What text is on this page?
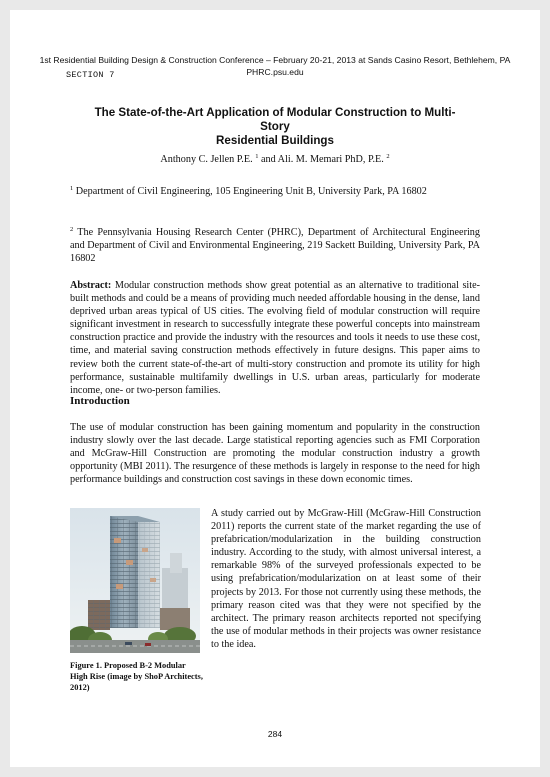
1st Residential Building Design & Construction Conference – February 20-21, 2013 at Sands Casino Resort, Bethlehem, PA
PHRC.psu.edu
SECTION 7
The State-of-the-Art Application of Modular Construction to Multi-Story
Residential Buildings
Anthony C. Jellen P.E. $^1$ and Ali. M. Memari PhD, P.E. $^2$
$^1$ Department of Civil Engineering, 105 Engineering Unit B, University Park, PA 16802
$^2$ The Pennsylvania Housing Research Center (PHRC), Department of Architectural Engineering and Department of Civil and Environmental Engineering, 219 Sackett Building, University Park, PA 16802
Abstract: Modular construction methods show great potential as an alternative to traditional site-built methods and could be a means of providing much needed affordable housing in the dense, land deprived urban areas typical of US cities. The evolving field of modular construction will require significant investment in research to successfully integrate these powerful concepts into mainstream construction practice and provide the industry with the resources and tools it needs to use these cost, time, and material saving construction methods effectively in future designs. This paper aims to review both the current state-of-the-art of multi-story construction and promote its utility for high performance, sustainable multifamily dwellings in U.S. urban areas, particularly for moderate income, one- or two-person families.
Introduction
The use of modular construction has been gaining momentum and popularity in the construction industry slowly over the last decade. Large statistical reporting agencies such as FMI Corporation and McGraw-Hill Construction are promoting the modular construction industry a growth opportunity (MBI 2011). The resurgence of these methods is largely in response to the need for high performance buildings and construction cost savings in these down economic times.
Figure 1. Proposed B-2 Modular High Rise (image by ShoP Architects, 2012)
A study carried out by McGraw-Hill (McGraw-Hill Construction 2011) reports the current state of the market regarding the use of prefabrication/modularization in the building construction industry. According to the study, with almost universal interest, a remarkable 98% of the surveyed professionals expected to be using prefabrication/modularization on at least some of their projects by 2013. For those not currently using these methods, the primary reason cited was that they were not specified by the architect. The primary reason architects reported not specifying the use of modular methods in their projects was owner resistance to the idea.
284
